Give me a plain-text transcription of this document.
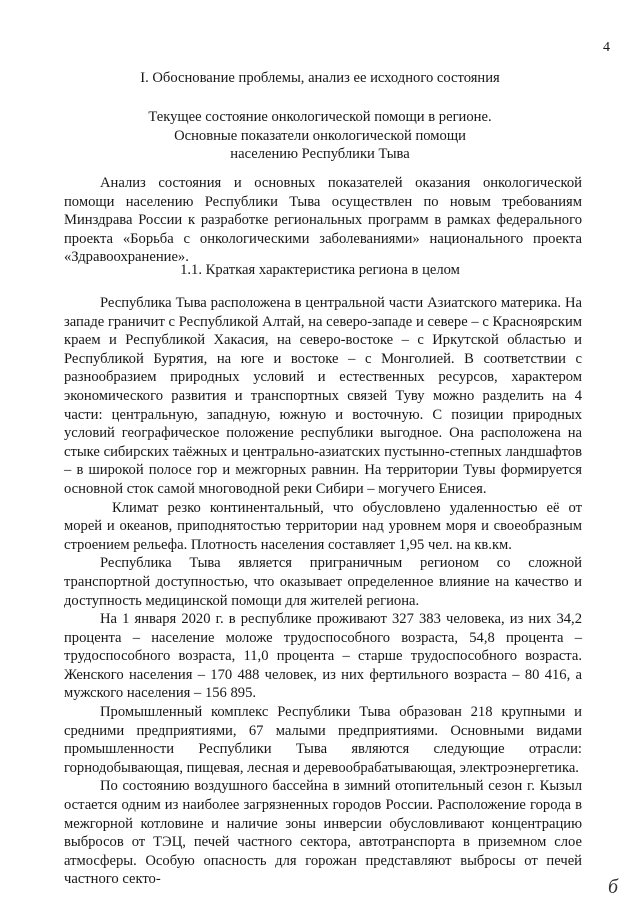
4
I. Обоснование проблемы, анализ ее исходного состояния
Текущее состояние онкологической помощи в регионе.
Основные показатели онкологической помощи
населению Республики Тыва

Анализ состояния и основных показателей оказания онкологической помощи населению Республики Тыва осуществлен по новым требованиям Минздрава России к разработке региональных программ в рамках федерального проекта «Борьба с онкологическими заболеваниями» национального проекта «Здравоохранение».

1.1. Краткая характеристика региона в целом

Республика Тыва расположена в центральной части Азиатского материка. На западе граничит с Республикой Алтай, на северо-западе и севере – с Красноярским краем и Республикой Хакасия, на северо-востоке – с Иркутской областью и Республикой Бурятия, на юге и востоке – с Монголией. В соответствии с разнообразием природных условий и естественных ресурсов, характером экономического развития и транспортных связей Туву можно разделить на 4 части: центральную, западную, южную и восточную. С позиции природных условий географическое положение республики выгодное. Она расположена на стыке сибирских таёжных и центрально-азиатских пустынно-степных ландшафтов – в широкой полосе гор и межгорных равнин. На территории Тувы формируется основной сток самой многоводной реки Сибири – могучего Енисея.

Климат резко континентальный, что обусловлено удаленностью её от морей и океанов, приподнятостью территории над уровнем моря и своеобразным строением рельефа. Плотность населения составляет 1,95 чел. на кв.км.

Республика Тыва является приграничным регионом со сложной транспортной доступностью, что оказывает определенное влияние на качество и доступность медицинской помощи для жителей региона.

На 1 января 2020 г. в республике проживают 327 383 человека, из них 34,2 процента – население моложе трудоспособного возраста, 54,8 процента – трудоспособного возраста, 11,0 процента – старше трудоспособного возраста. Женского населения – 170 488 человек, из них фертильного возраста – 80 416, а мужского населения – 156 895.

Промышленный комплекс Республики Тыва образован 218 крупными и средними предприятиями, 67 малыми предприятиями. Основными видами промышленности Республики Тыва являются следующие отрасли: горнодобывающая, пищевая, лесная и деревообрабатывающая, электроэнергетика.

По состоянию воздушного бассейна в зимний отопительный сезон г. Кызыл остается одним из наиболее загрязненных городов России. Расположение города в межгорной котловине и наличие зоны инверсии обусловливают концентрацию выбросов от ТЭЦ, печей частного сектора, автотранспорта в приземном слое атмосферы. Особую опасность для горожан представляют выбросы от печей частного секто-	б
